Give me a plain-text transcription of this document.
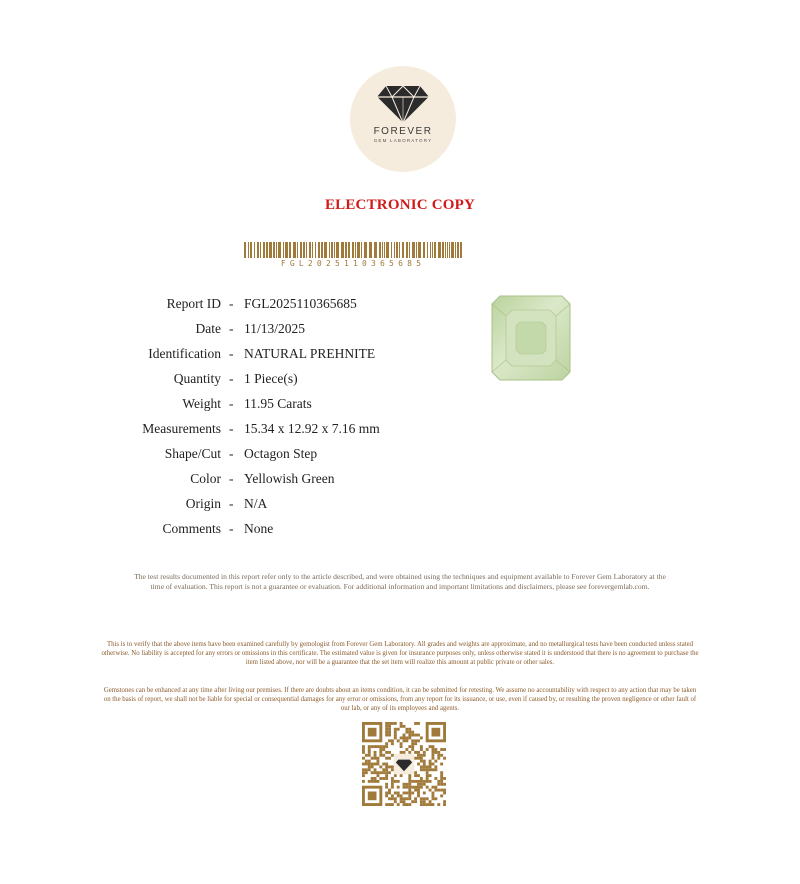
FOREVER
GEM LABORATORY
ELECTRONIC COPY
FGL2025110365685
Report ID - FGL2025110365685
Date - 11/13/2025
Identification - NATURAL PREHNITE
Quantity - 1 Piece(s)
Weight - 11.95 Carats
Measurements - 15.34 x 12.92 x 7.16 mm
Shape/Cut - Octagon Step
Color - Yellowish Green
Origin - N/A
Comments - None
The test results documented in this report refer only to the article described, and were obtained using the techniques and equipment available to Forever Gem Laboratory at the time of evaluation. This report is not a guarantee or evaluation. For additional information and important limitations and disclaimers, please see forevergemlab.com.
This is to verify that the above items have been examined carefully by gemologist from Forever Gem Laboratory. All grades and weights are approximate, and no metallurgical tests have been conducted unless stated otherwise. No liability is accepted for any errors or omissions in this certificate. The estimated value is given for insurance purposes only, unless otherwise stated it is understood that there is no agreement to purchase the item listed above, nor will be a guarantee that the set item will realize this amount at public private or other sales.
Gemstones can be enhanced at any time after living our premises. If there are doubts about an items condition, it can be submitted for retesting. We assume no accountability with respect to any action that may be taken on the basis of report, we shall not be liable for special or consequential damages for any error or omissions, from any report for its issuance, or use, even if caused by, or resulting the proven negligence or other fault of our lab, or any of its employees and agents.
